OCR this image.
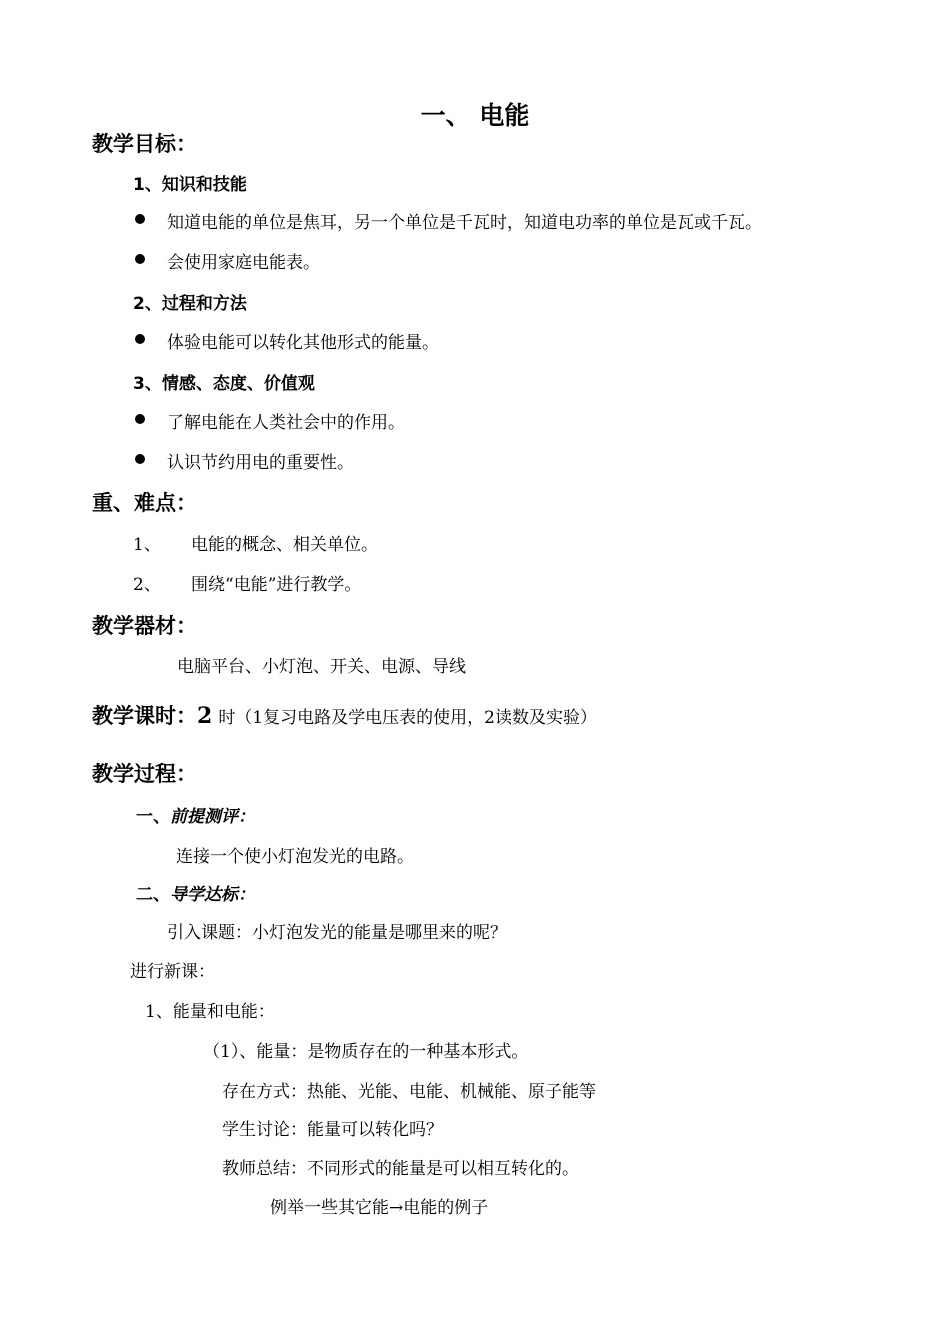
一、 电能
教学目标：
1、知识和技能
知道电能的单位是焦耳，另一个单位是千瓦时，知道电功率的单位是瓦或千瓦。
会使用家庭电能表。
2、过程和方法
体验电能可以转化其他形式的能量。
3、情感、态度、价值观
了解电能在人类社会中的作用。
认识节约用电的重要性。
重、难点：
1、 电能的概念、相关单位。
2、 围绕“电能”进行教学。
教学器材：
电脑平台、小灯泡、开关、电源、导线
教学课时：2 时（1复习电路及学电压表的使用，2读数及实验）
教学过程：
一、前提测评：
连接一个使小灯泡发光的电路。
二、导学达标：
引入课题：小灯泡发光的能量是哪里来的呢？
进行新课：
1、能量和电能：
（1）、能量：是物质存在的一种基本形式。
存在方式：热能、光能、电能、机械能、原子能等
学生讨论：能量可以转化吗？
教师总结：不同形式的能量是可以相互转化的。
例举一些其它能→电能的例子
